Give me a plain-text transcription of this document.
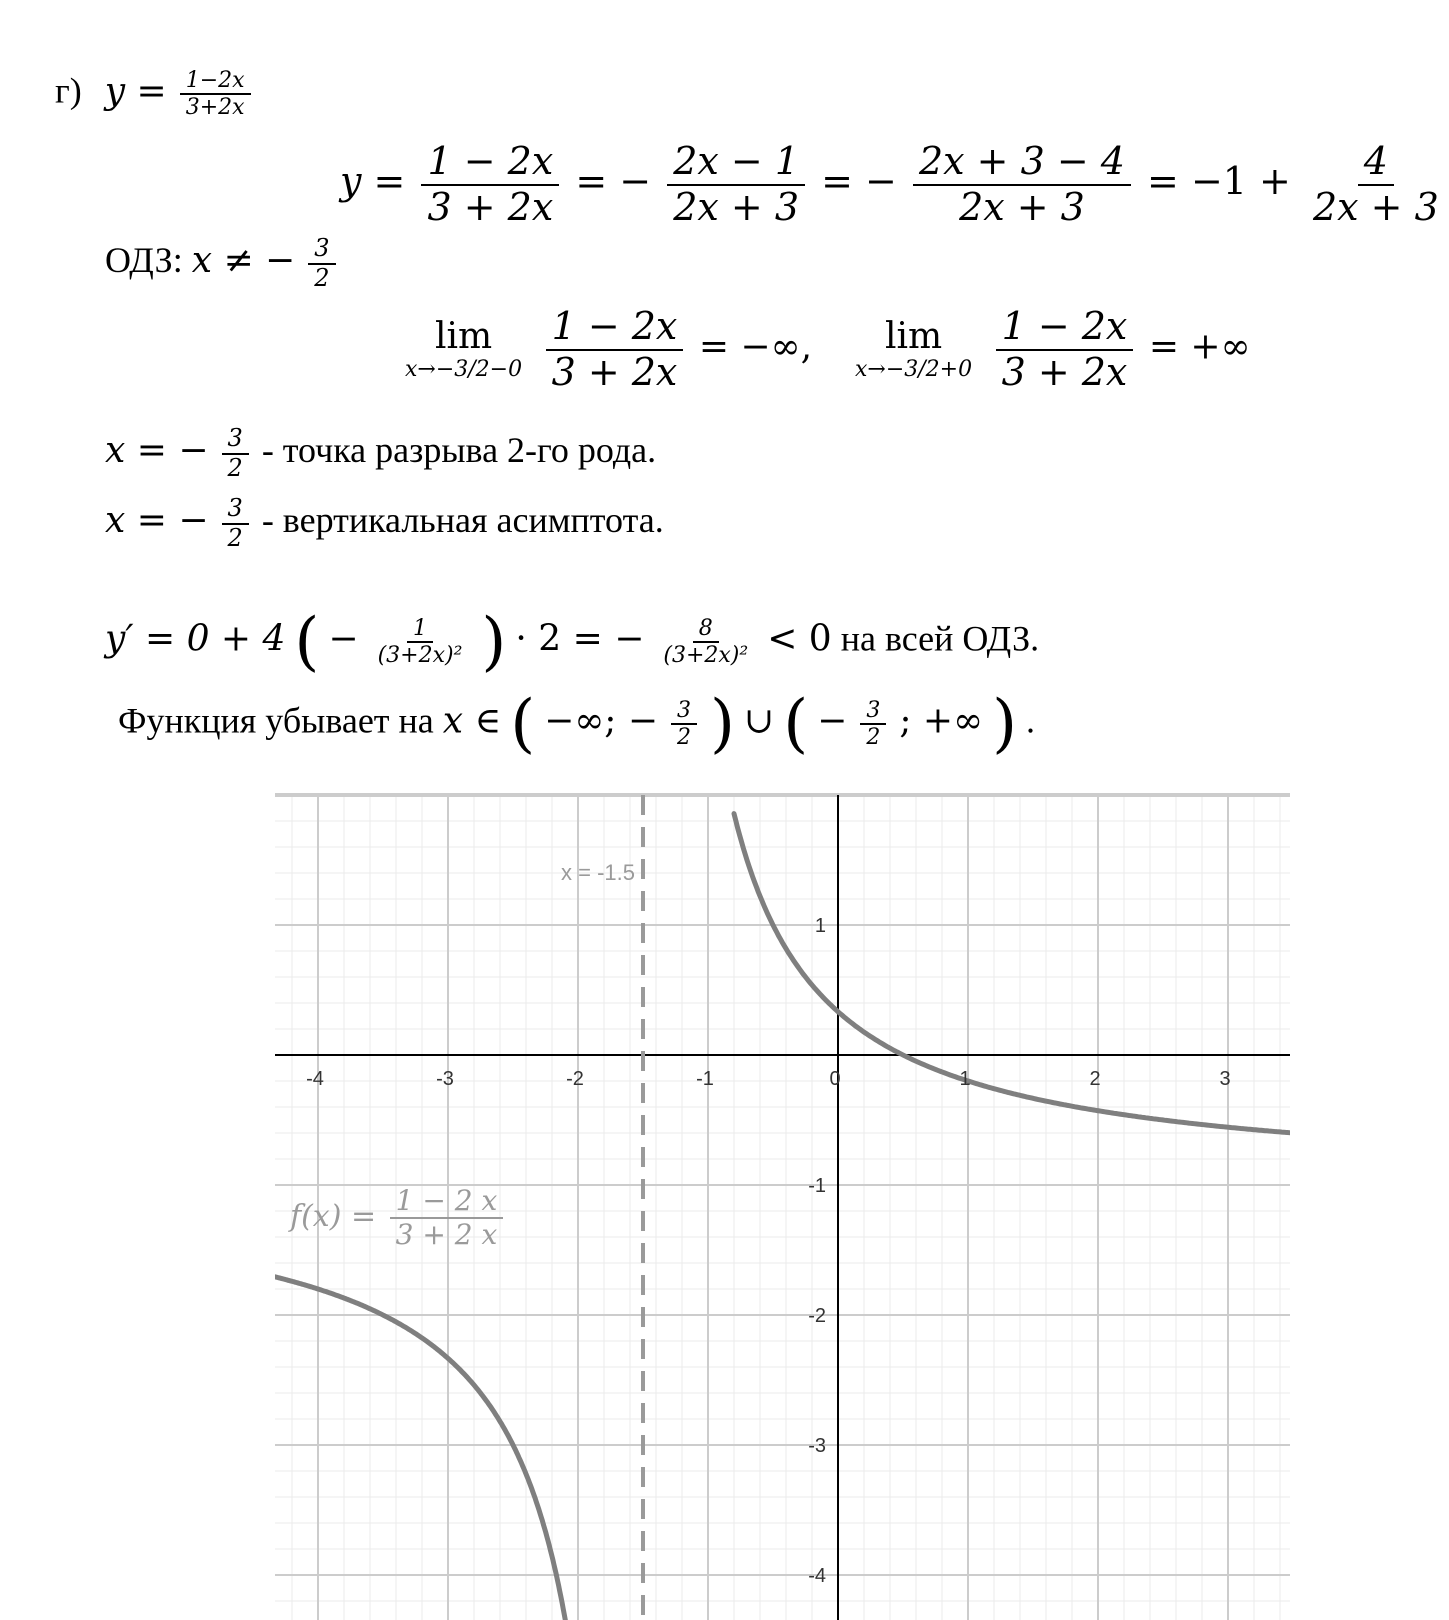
г) $y = \frac{1-2x}{3+2x}$
$y = \frac{1 - 2x}{3 + 2x}$ = − $\frac{2x - 1}{2x + 3}$ = − $\frac{2x + 3 - 4}{2x + 3} = -1 + \frac{4}{2x + 3}$
ОДЗ: x ≠ − $\frac{3}{2}$
lim
x→−3/2−0
$\frac{1 - 2x}{3 + 2x}$ = −∞, lim
x→−3/2+0
$\frac{1 - 2x}{3 + 2x}$ = +∞
x = − $\frac{3}{2}$ - точка разрыва 2-го рода.
x = − $\frac{3}{2}$ - вертикальная асимптота.
y′ = 0 + 4 ( − $\frac{1}{\text{(3+2x)²}}$ ) · 2 = − $\frac{8}{\text{(3+2x)²}} < 0$ на всей ОДЗ.
Функция убывает на x ∈ ( −∞; − $\frac{3}{2}$ ) ∪ ( − $\frac{3}{2}$ ; +∞ ) .
x = -1.5
-4	-3	-2	-1	0	1	2	3
1
-1
-2
-3
-4
$f(x) = \frac{1 - 2 x}{3 + 2 x}$
